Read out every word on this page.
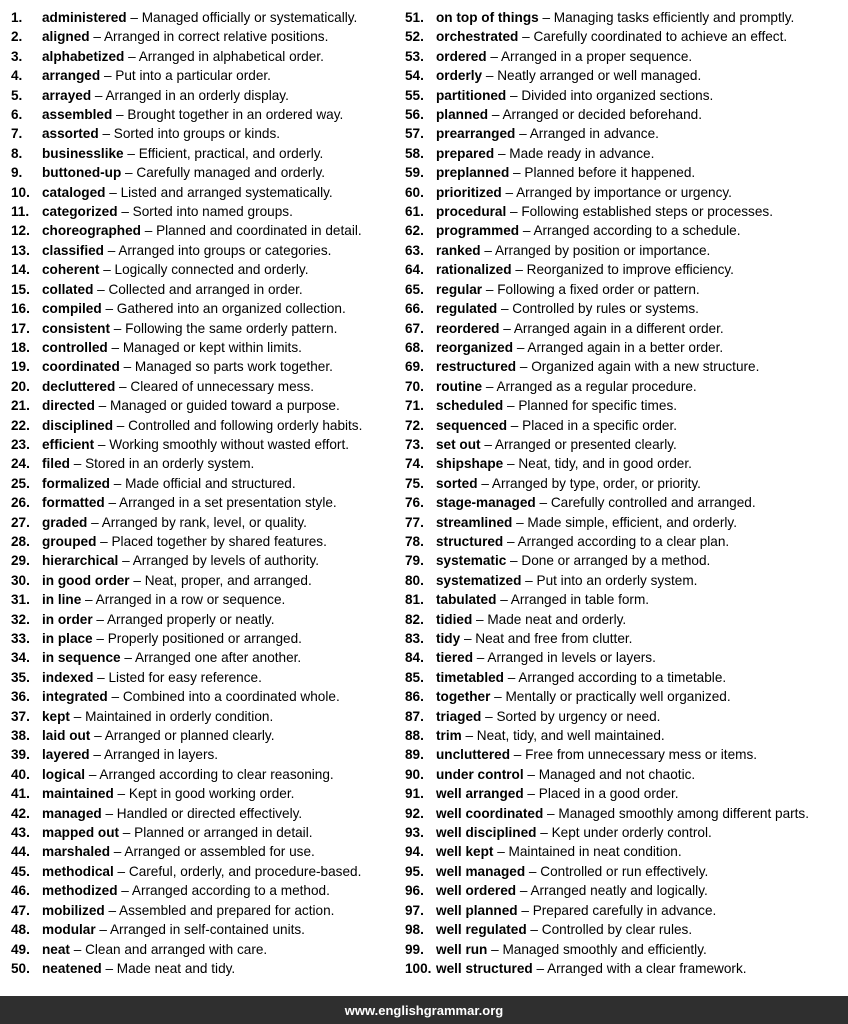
1. administered – Managed officially or systematically.
2. aligned – Arranged in correct relative positions.
3. alphabetized – Arranged in alphabetical order.
4. arranged – Put into a particular order.
5. arrayed – Arranged in an orderly display.
6. assembled – Brought together in an ordered way.
7. assorted – Sorted into groups or kinds.
8. businesslike – Efficient, practical, and orderly.
9. buttoned-up – Carefully managed and orderly.
10. cataloged – Listed and arranged systematically.
11. categorized – Sorted into named groups.
12. choreographed – Planned and coordinated in detail.
13. classified – Arranged into groups or categories.
14. coherent – Logically connected and orderly.
15. collated – Collected and arranged in order.
16. compiled – Gathered into an organized collection.
17. consistent – Following the same orderly pattern.
18. controlled – Managed or kept within limits.
19. coordinated – Managed so parts work together.
20. decluttered – Cleared of unnecessary mess.
21. directed – Managed or guided toward a purpose.
22. disciplined – Controlled and following orderly habits.
23. efficient – Working smoothly without wasted effort.
24. filed – Stored in an orderly system.
25. formalized – Made official and structured.
26. formatted – Arranged in a set presentation style.
27. graded – Arranged by rank, level, or quality.
28. grouped – Placed together by shared features.
29. hierarchical – Arranged by levels of authority.
30. in good order – Neat, proper, and arranged.
31. in line – Arranged in a row or sequence.
32. in order – Arranged properly or neatly.
33. in place – Properly positioned or arranged.
34. in sequence – Arranged one after another.
35. indexed – Listed for easy reference.
36. integrated – Combined into a coordinated whole.
37. kept – Maintained in orderly condition.
38. laid out – Arranged or planned clearly.
39. layered – Arranged in layers.
40. logical – Arranged according to clear reasoning.
41. maintained – Kept in good working order.
42. managed – Handled or directed effectively.
43. mapped out – Planned or arranged in detail.
44. marshaled – Arranged or assembled for use.
45. methodical – Careful, orderly, and procedure-based.
46. methodized – Arranged according to a method.
47. mobilized – Assembled and prepared for action.
48. modular – Arranged in self-contained units.
49. neat – Clean and arranged with care.
50. neatened – Made neat and tidy.
51. on top of things – Managing tasks efficiently and promptly.
52. orchestrated – Carefully coordinated to achieve an effect.
53. ordered – Arranged in a proper sequence.
54. orderly – Neatly arranged or well managed.
55. partitioned – Divided into organized sections.
56. planned – Arranged or decided beforehand.
57. prearranged – Arranged in advance.
58. prepared – Made ready in advance.
59. preplanned – Planned before it happened.
60. prioritized – Arranged by importance or urgency.
61. procedural – Following established steps or processes.
62. programmed – Arranged according to a schedule.
63. ranked – Arranged by position or importance.
64. rationalized – Reorganized to improve efficiency.
65. regular – Following a fixed order or pattern.
66. regulated – Controlled by rules or systems.
67. reordered – Arranged again in a different order.
68. reorganized – Arranged again in a better order.
69. restructured – Organized again with a new structure.
70. routine – Arranged as a regular procedure.
71. scheduled – Planned for specific times.
72. sequenced – Placed in a specific order.
73. set out – Arranged or presented clearly.
74. shipshape – Neat, tidy, and in good order.
75. sorted – Arranged by type, order, or priority.
76. stage-managed – Carefully controlled and arranged.
77. streamlined – Made simple, efficient, and orderly.
78. structured – Arranged according to a clear plan.
79. systematic – Done or arranged by a method.
80. systematized – Put into an orderly system.
81. tabulated – Arranged in table form.
82. tidied – Made neat and orderly.
83. tidy – Neat and free from clutter.
84. tiered – Arranged in levels or layers.
85. timetabled – Arranged according to a timetable.
86. together – Mentally or practically well organized.
87. triaged – Sorted by urgency or need.
88. trim – Neat, tidy, and well maintained.
89. uncluttered – Free from unnecessary mess or items.
90. under control – Managed and not chaotic.
91. well arranged – Placed in a good order.
92. well coordinated – Managed smoothly among different parts.
93. well disciplined – Kept under orderly control.
94. well kept – Maintained in neat condition.
95. well managed – Controlled or run effectively.
96. well ordered – Arranged neatly and logically.
97. well planned – Prepared carefully in advance.
98. well regulated – Controlled by clear rules.
99. well run – Managed smoothly and efficiently.
100. well structured – Arranged with a clear framework.
www.englishgrammar.org
